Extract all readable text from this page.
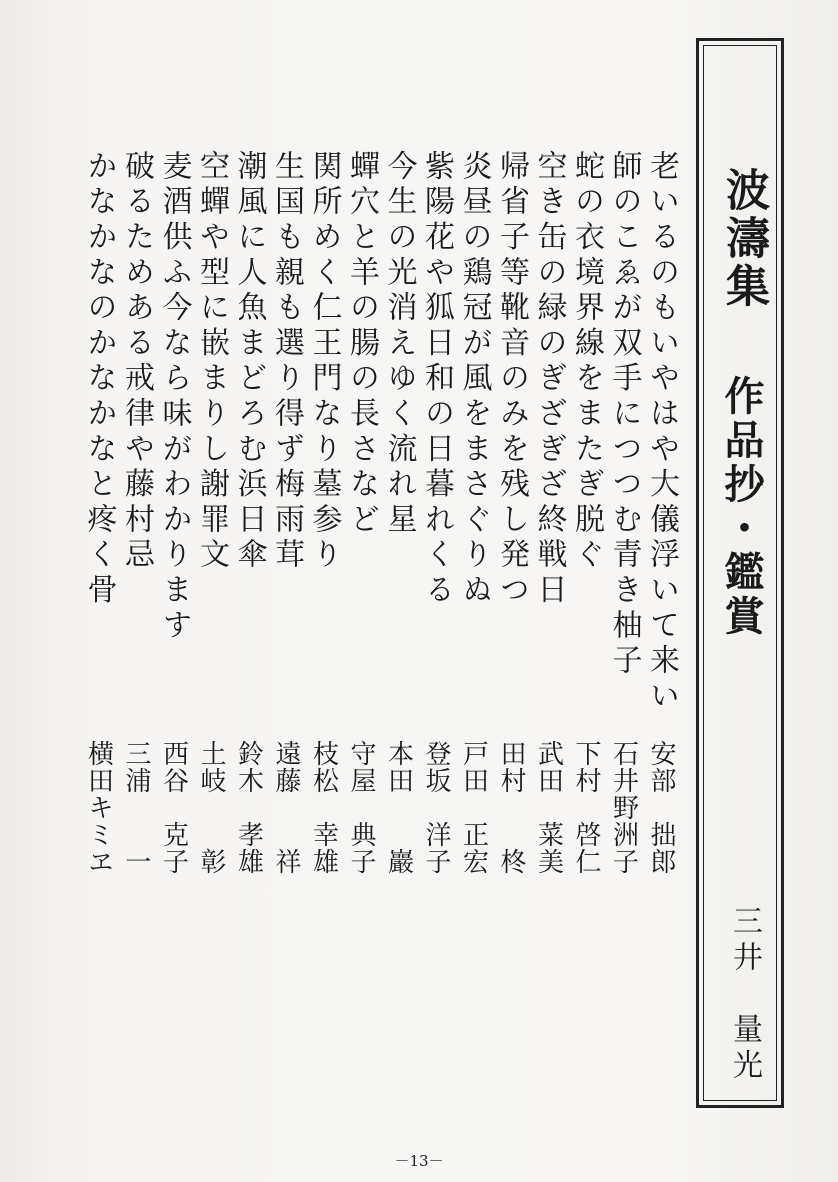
波濤集
作品抄・鑑賞
三井　量光
老いるのもいやはや大儀浮いて来い
安部　拙郎
師のこゑが双手につつむ青き柚子
石井野洲子
蛇の衣境界線をまたぎ脱ぐ
下村　啓仁
空き缶の緑のぎざぎざ終戦日
武田　菜美
帰省子等靴音のみを残し発つ
田村　　柊
炎昼の鶏冠が風をまさぐりぬ
戸田　正宏
紫陽花や狐日和の日暮れくる
登坂　洋子
今生の光消えゆく流れ星
本田　　巖
蟬穴と羊の腸の長さなど
守屋　典子
関所めく仁王門なり墓参り
枝松　幸雄
生国も親も選り得ず梅雨茸
遠藤　　祥
潮風に人魚まどろむ浜日傘
鈴木　孝雄
空蟬や型に嵌まりし謝罪文
土岐　　彰
麦酒供ふ今なら味がわかります
西谷　克子
破るためある戒律や藤村忌
三浦　　一
かなかなのかなかなと疼く骨
横田キミヱ
－13－
